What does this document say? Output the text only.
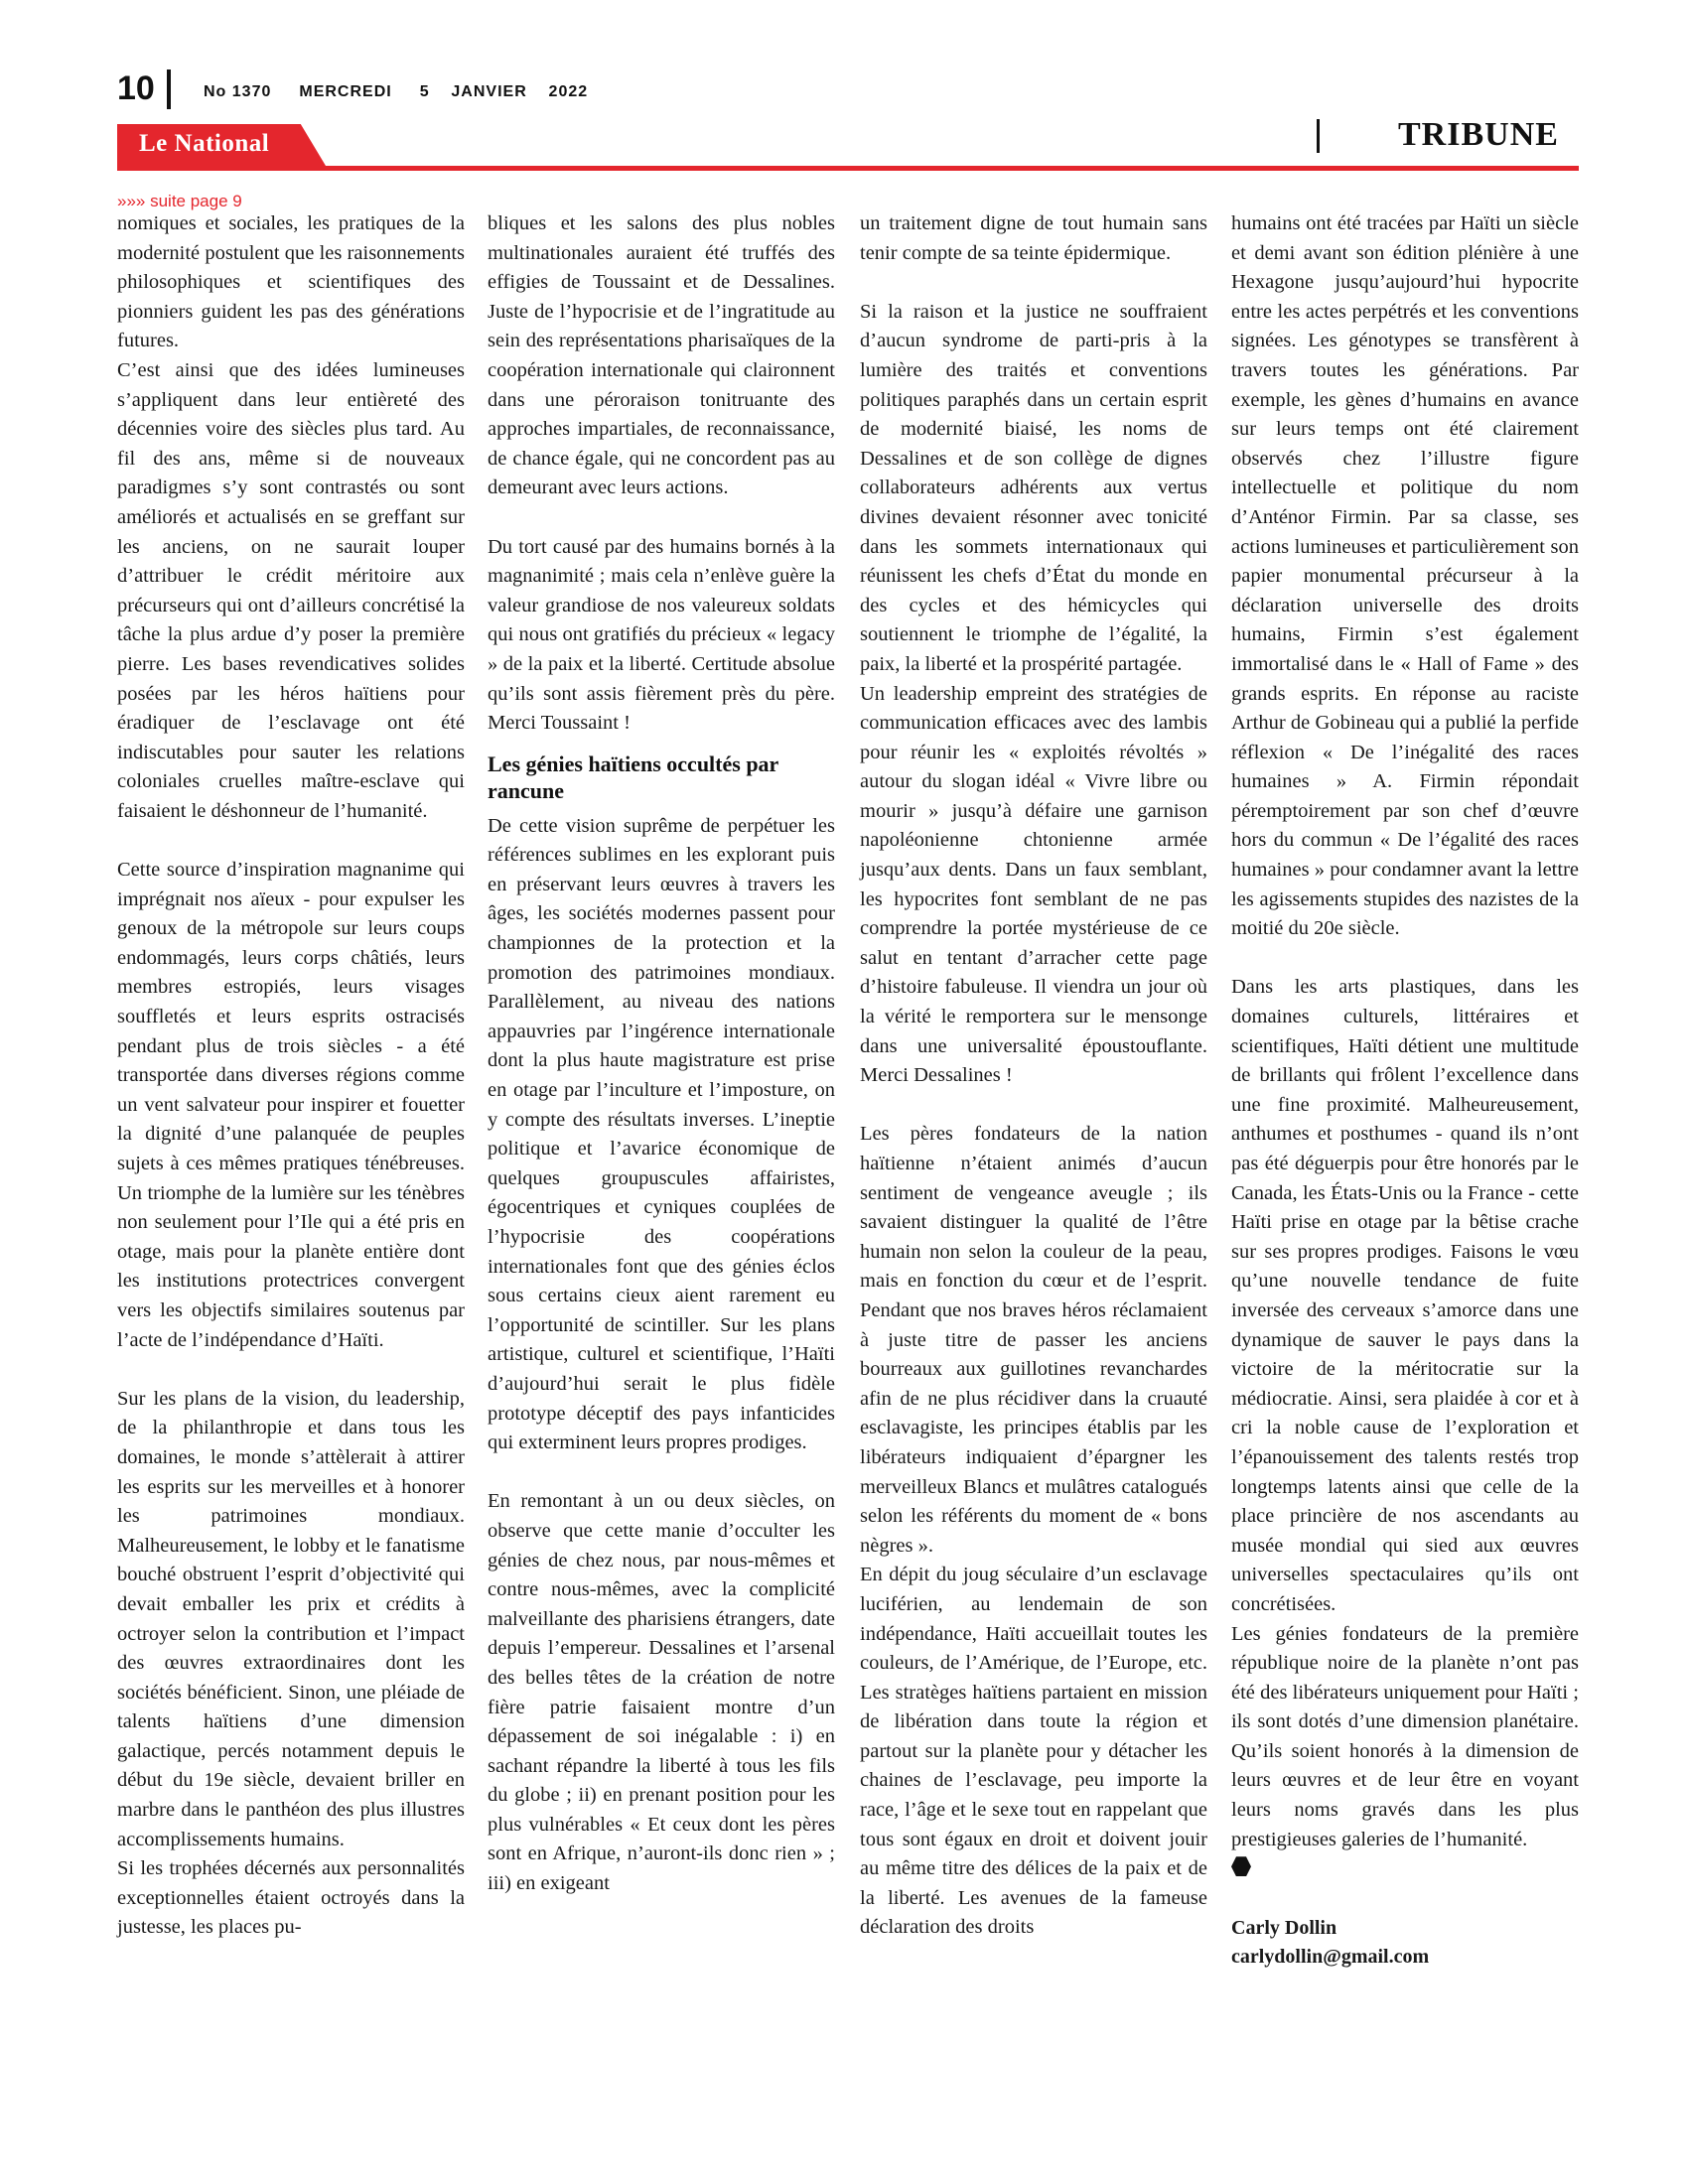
10	No 1370 MERCREDI 5 JANVIER 2022
Le National	TRIBUNE
»»» suite page 9

nomiques et sociales, les pratiques de la modernité postulent que les raisonnements philosophiques et scientifiques des pionniers guident les pas des générations futures.

C’est ainsi que des idées lumineuses s’appliquent dans leur entièreté des décennies voire des siècles plus tard. Au fil des ans, même si de nouveaux paradigmes s’y sont contrastés ou sont améliorés et actualisés en se greffant sur les anciens, on ne saurait louper d’attribuer le crédit méritoire aux précurseurs qui ont d’ailleurs concrétisé la tâche la plus ardue d’y poser la première pierre. Les bases revendicatives solides posées par les héros haïtiens pour éradiquer de l’esclavage ont été indiscutables pour sauter les relations coloniales cruelles maître-esclave qui faisaient le déshonneur de l’humanité.

Cette source d’inspiration magnanime qui imprégnait nos aïeux - pour expulser les genoux de la métropole sur leurs coups endommagés, leurs corps châtiés, leurs membres estropiés, leurs visages souffletés et leurs esprits ostracisés pendant plus de trois siècles - a été transportée dans diverses régions comme un vent salvateur pour inspirer et fouetter la dignité d’une palanquée de peuples sujets à ces mêmes pratiques ténébreuses. Un triomphe de la lumière sur les ténèbres non seulement pour l’Ile qui a été pris en otage, mais pour la planète entière dont les institutions protectrices convergent vers les objectifs similaires soutenus par l’acte de l’indépendance d’Haïti.

Sur les plans de la vision, du leadership, de la philanthropie et dans tous les domaines, le monde s’attèlerait à attirer les esprits sur les merveilles et à honorer les patrimoines mondiaux. Malheureusement, le lobby et le fanatisme bouché obstruent l’esprit d’objectivité qui devait emballer les prix et crédits à octroyer selon la contribution et l’impact des œuvres extraordinaires dont les sociétés bénéficient. Sinon, une pléiade de talents haïtiens d’une dimension galactique, percés notamment depuis le début du 19e siècle, devaient briller en marbre dans le panthéon des plus illustres accomplissements humains.

Si les trophées décernés aux personnalités exceptionnelles étaient octroyés dans la justesse, les places pu-

bliques et les salons des plus nobles multinationales auraient été truffés des effigies de Toussaint et de Dessalines. Juste de l’hypocrisie et de l’ingratitude au sein des représentations pharisaïques de la coopération internationale qui claironnent dans une péroraison tonitruante des approches impartiales, de reconnaissance, de chance égale, qui ne concordent pas au demeurant avec leurs actions.

Du tort causé par des humains bornés à la magnanimité ; mais cela n’enlève guère la valeur grandiose de nos valeureux soldats qui nous ont gratifiés du précieux « legacy » de la paix et la liberté. Certitude absolue qu’ils sont assis fièrement près du père. Merci Toussaint !

Les génies haïtiens occultés par rancune

De cette vision suprême de perpétuer les références sublimes en les explorant puis en préservant leurs œuvres à travers les âges, les sociétés modernes passent pour championnes de la protection et la promotion des patrimoines mondiaux. Parallèlement, au niveau des nations appauvries par l’ingérence internationale dont la plus haute magistrature est prise en otage par l’inculture et l’imposture, on y compte des résultats inverses. L’ineptie politique et l’avarice économique de quelques groupuscules affairistes, égocentriques et cyniques couplées de l’hypocrisie des coopérations internationales font que des génies éclos sous certains cieux aient rarement eu l’opportunité de scintiller. Sur les plans artistique, culturel et scientifique, l’Haïti d’aujourd’hui serait le plus fidèle prototype déceptif des pays infanticides qui exterminent leurs propres prodiges.

En remontant à un ou deux siècles, on observe que cette manie d’occulter les génies de chez nous, par nous-mêmes et contre nous-mêmes, avec la complicité malveillante des pharisiens étrangers, date depuis l’empereur. Dessalines et l’arsenal des belles têtes de la création de notre fière patrie faisaient montre d’un dépassement de soi inégalable : i) en sachant répandre la liberté à tous les fils du globe ; ii) en prenant position pour les plus vulnérables « Et ceux dont les pères sont en Afrique, n’auront-ils donc rien » ; iii) en exigeant

un traitement digne de tout humain sans tenir compte de sa teinte épidermique.

Si la raison et la justice ne souffraient d’aucun syndrome de parti-pris à la lumière des traités et conventions politiques paraphés dans un certain esprit de modernité biaisé, les noms de Dessalines et de son collège de dignes collaborateurs adhérents aux vertus divines devaient résonner avec tonicité dans les sommets internationaux qui réunissent les chefs d’État du monde en des cycles et des hémicycles qui soutiennent le triomphe de l’égalité, la paix, la liberté et la prospérité partagée.

Un leadership empreint des stratégies de communication efficaces avec des lambis pour réunir les « exploités révoltés » autour du slogan idéal « Vivre libre ou mourir » jusqu’à défaire une garnison napoléonienne chtonienne armée jusqu’aux dents. Dans un faux semblant, les hypocrites font semblant de ne pas comprendre la portée mystérieuse de ce salut en tentant d’arracher cette page d’histoire fabuleuse. Il viendra un jour où la vérité le remportera sur le mensonge dans une universalité époustouflante. Merci Dessalines !

Les pères fondateurs de la nation haïtienne n’étaient animés d’aucun sentiment de vengeance aveugle ; ils savaient distinguer la qualité de l’être humain non selon la couleur de la peau, mais en fonction du cœur et de l’esprit. Pendant que nos braves héros réclamaient à juste titre de passer les anciens bourreaux aux guillotines revanchardes afin de ne plus récidiver dans la cruauté esclavagiste, les principes établis par les libérateurs indiquaient d’épargner les merveilleux Blancs et mulâtres catalogués selon les référents du moment de « bons nègres ».

En dépit du joug séculaire d’un esclavage luciférien, au lendemain de son indépendance, Haïti accueillait toutes les couleurs, de l’Amérique, de l’Europe, etc. Les stratèges haïtiens partaient en mission de libération dans toute la région et partout sur la planète pour y détacher les chaines de l’esclavage, peu importe la race, l’âge et le sexe tout en rappelant que tous sont égaux en droit et doivent jouir au même titre des délices de la paix et de la liberté. Les avenues de la fameuse déclaration des droits

humains ont été tracées par Haïti un siècle et demi avant son édition plénière à une Hexagone jusqu’aujourd’hui hypocrite entre les actes perpétrés et les conventions signées. Les génotypes se transfèrent à travers toutes les générations. Par exemple, les gènes d’humains en avance sur leurs temps ont été clairement observés chez l’illustre figure intellectuelle et politique du nom d’Anténor Firmin. Par sa classe, ses actions lumineuses et particulièrement son papier monumental précurseur à la déclaration universelle des droits humains, Firmin s’est également immortalisé dans le « Hall of Fame » des grands esprits. En réponse au raciste Arthur de Gobineau qui a publié la perfide réflexion « De l’inégalité des races humaines » A. Firmin répondait péremptoirement par son chef d’œuvre hors du commun « De l’égalité des races humaines » pour condamner avant la lettre les agissements stupides des nazistes de la moitié du 20e siècle.

Dans les arts plastiques, dans les domaines culturels, littéraires et scientifiques, Haïti détient une multitude de brillants qui frôlent l’excellence dans une fine proximité. Malheureusement, anthumes et posthumes - quand ils n’ont pas été déguerpis pour être honorés par le Canada, les États-Unis ou la France - cette Haïti prise en otage par la bêtise crache sur ses propres prodiges. Faisons le vœu qu’une nouvelle tendance de fuite inversée des cerveaux s’amorce dans une dynamique de sauver le pays dans la victoire de la méritocratie sur la médiocratie. Ainsi, sera plaidée à cor et à cri la noble cause de l’exploration et l’épanouissement des talents restés trop longtemps latents ainsi que celle de la place princière de nos ascendants au musée mondial qui sied aux œuvres universelles spectaculaires qu’ils ont concrétisées.

Les génies fondateurs de la première république noire de la planète n’ont pas été des libérateurs uniquement pour Haïti ; ils sont dotés d’une dimension planétaire. Qu’ils soient honorés à la dimension de leurs œuvres et de leur être en voyant leurs noms gravés dans les plus prestigieuses galeries de l’humanité.

Carly Dollin
carlydollin@gmail.com
